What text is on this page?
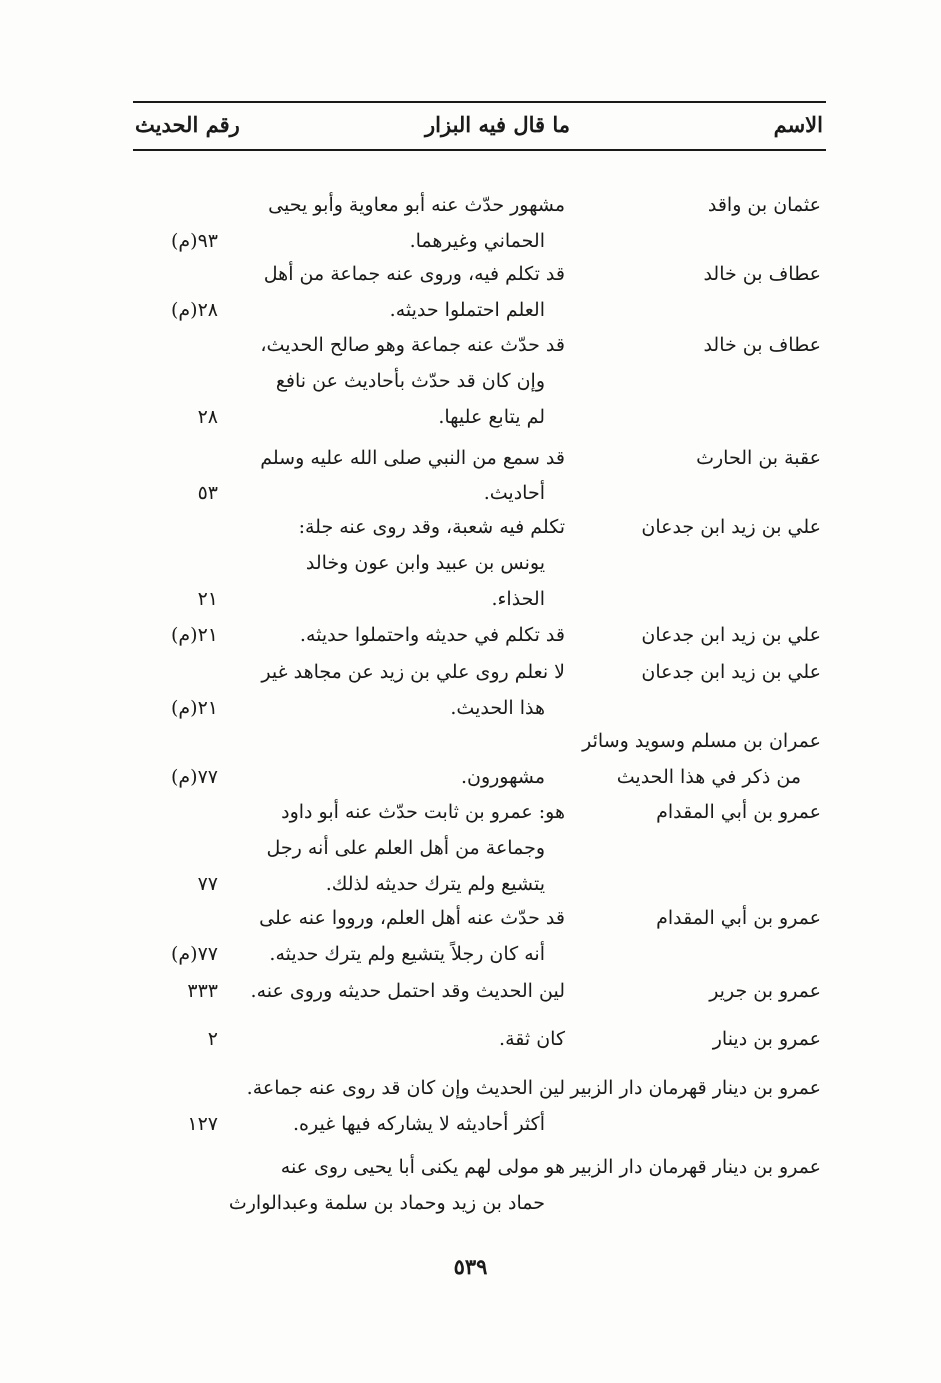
الاسم
ما قال فيه البزار
رقم الحديث
عثمان بن واقد
مشهور حدّث عنه أبو معاوية وأبو يحيى
الحماني وغيرهما.
٩٣(م)
عطاف بن خالد
قد تكلم فيه، وروى عنه جماعة من أهل
العلم احتملوا حديثه.
٢٨(م)
عطاف بن خالد
قد حدّث عنه جماعة وهو صالح الحديث،
وإن كان قد حدّث بأحاديث عن نافع
لم يتابع عليها.
٢٨
عقبة بن الحارث
قد سمع من النبي صلى الله عليه وسلم
أحاديث.
٥٣
علي بن زيد ابن جدعان
تكلم فيه شعبة، وقد روى عنه جلة:
يونس بن عبيد وابن عون وخالد
الحذاء.
٢١
علي بن زيد ابن جدعان
قد تكلم في حديثه واحتملوا حديثه.
٢١(م)
علي بن زيد ابن جدعان
لا نعلم روى علي بن زيد عن مجاهد غير
هذا الحديث.
٢١(م)
عمران بن مسلم وسويد وسائر
من ذكر في هذا الحديث
مشهورون.
٧٧(م)
عمرو بن أبي المقدام
هو: عمرو بن ثابت حدّث عنه أبو داود
وجماعة من أهل العلم على أنه رجل
يتشيع ولم يترك حديثه لذلك.
٧٧
عمرو بن أبي المقدام
قد حدّث عنه أهل العلم، ورووا عنه على
أنه كان رجلاً يتشيع ولم يترك حديثه.
٧٧(م)
عمرو بن جرير
لين الحديث وقد احتمل حديثه وروى عنه.
٣٣٣
عمرو بن دينار
كان ثقة.
٢
عمرو بن دينار قهرمان دار الزبير
لين الحديث وإن كان قد روى عنه جماعة.
أكثر أحاديثه لا يشاركه فيها غيره.
١٢٧
عمرو بن دينار قهرمان دار الزبير
هو مولى لهم يكنى أبا يحيى روى عنه
حماد بن زيد وحماد بن سلمة وعبدالوارث
٥٣٩
